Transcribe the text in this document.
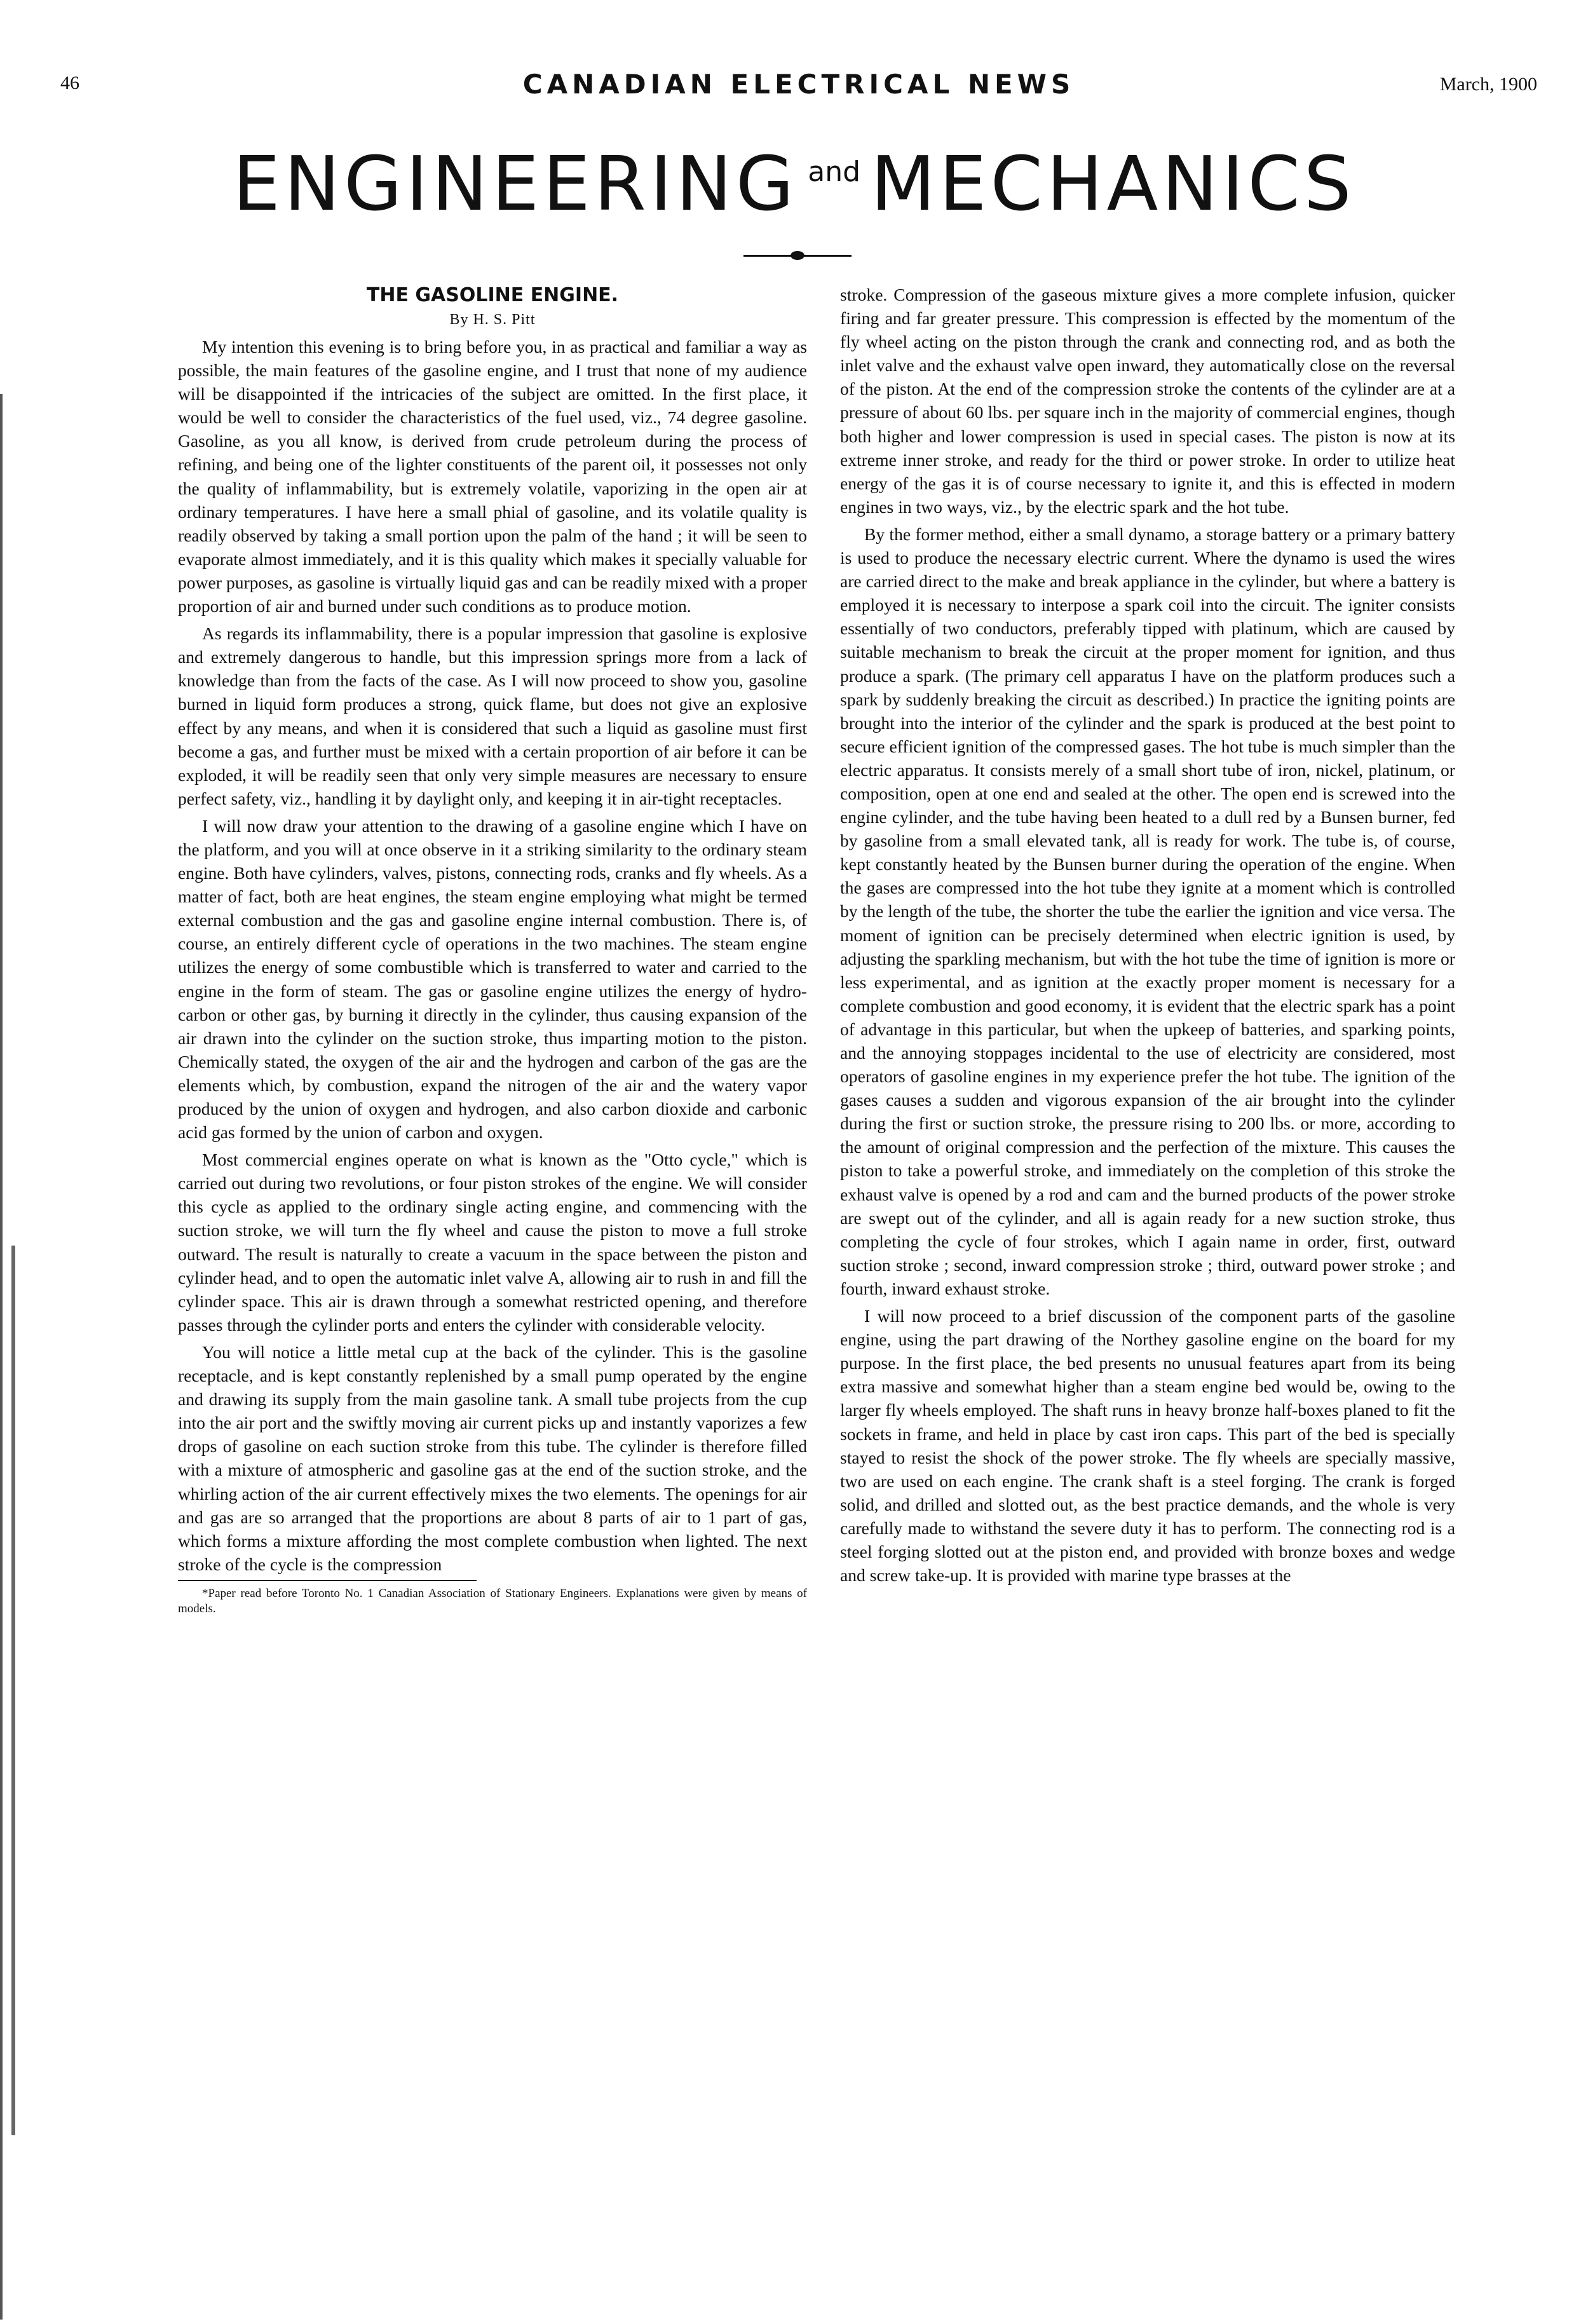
46	CANADIAN ELECTRICAL NEWS	March, 1900
ENGINEERING $^{and}$ MECHANICS
THE GASOLINE ENGINE.
By H. S. Pitt

My intention this evening is to bring before you, in as practical and familiar a way as possible, the main features of the gasoline engine, and I trust that none of my audience will be disappointed if the intricacies of the subject are omitted. In the first place, it would be well to consider the characteristics of the fuel used, viz., 74 degree gasoline. Gasoline, as you all know, is derived from crude petroleum during the process of refining, and being one of the lighter constituents of the parent oil, it possesses not only the quality of inflammability, but is extremely volatile, vaporizing in the open air at ordinary temperatures. I have here a small phial of gasoline, and its volatile quality is readily observed by taking a small portion upon the palm of the hand ; it will be seen to evaporate almost immediately, and it is this quality which makes it specially valuable for power purposes, as gasoline is virtually liquid gas and can be readily mixed with a proper proportion of air and burned under such conditions as to produce motion.

As regards its inflammability, there is a popular impression that gasoline is explosive and extremely dangerous to handle, but this impression springs more from a lack of knowledge than from the facts of the case. As I will now proceed to show you, gasoline burned in liquid form produces a strong, quick flame, but does not give an explosive effect by any means, and when it is considered that such a liquid as gasoline must first become a gas, and further must be mixed with a certain proportion of air before it can be exploded, it will be readily seen that only very simple measures are necessary to ensure perfect safety, viz., handling it by daylight only, and keeping it in air-tight receptacles.

I will now draw your attention to the drawing of a gasoline engine which I have on the platform, and you will at once observe in it a striking similarity to the ordinary steam engine. Both have cylinders, valves, pistons, connecting rods, cranks and fly wheels. As a matter of fact, both are heat engines, the steam engine employing what might be termed external combustion and the gas and gasoline engine internal combustion. There is, of course, an entirely different cycle of operations in the two machines. The steam engine utilizes the energy of some combustible which is transferred to water and carried to the engine in the form of steam. The gas or gasoline engine utilizes the energy of hydro-carbon or other gas, by burning it directly in the cylinder, thus causing expansion of the air drawn into the cylinder on the suction stroke, thus imparting motion to the piston. Chemically stated, the oxygen of the air and the hydrogen and carbon of the gas are the elements which, by combustion, expand the nitrogen of the air and the watery vapor produced by the union of oxygen and hydrogen, and also carbon dioxide and carbonic acid gas formed by the union of carbon and oxygen.

Most commercial engines operate on what is known as the "Otto cycle," which is carried out during two revolutions, or four piston strokes of the engine. We will consider this cycle as applied to the ordinary single acting engine, and commencing with the suction stroke, we will turn the fly wheel and cause the piston to move a full stroke outward. The result is naturally to create a vacuum in the space between the piston and cylinder head, and to open the automatic inlet valve A, allowing air to rush in and fill the cylinder space. This air is drawn through a somewhat restricted opening, and therefore passes through the cylinder ports and enters the cylinder with considerable velocity.

You will notice a little metal cup at the back of the cylinder. This is the gasoline receptacle, and is kept constantly replenished by a small pump operated by the engine and drawing its supply from the main gasoline tank. A small tube projects from the cup into the air port and the swiftly moving air current picks up and instantly vaporizes a few drops of gasoline on each suction stroke from this tube. The cylinder is therefore filled with a mixture of atmospheric and gasoline gas at the end of the suction stroke, and the whirling action of the air current effectively mixes the two elements. The openings for air and gas are so arranged that the proportions are about 8 parts of air to 1 part of gas, which forms a mixture affording the most complete combustion when lighted. The next stroke of the cycle is the compression

*Paper read before Toronto No. 1 Canadian Association of Stationary Engineers. Explanations were given by means of models.

stroke. Compression of the gaseous mixture gives a more complete infusion, quicker firing and far greater pressure. This compression is effected by the momentum of the fly wheel acting on the piston through the crank and connecting rod, and as both the inlet valve and the exhaust valve open inward, they automatically close on the reversal of the piston. At the end of the compression stroke the contents of the cylinder are at a pressure of about 60 lbs. per square inch in the majority of commercial engines, though both higher and lower compression is used in special cases. The piston is now at its extreme inner stroke, and ready for the third or power stroke. In order to utilize heat energy of the gas it is of course necessary to ignite it, and this is effected in modern engines in two ways, viz., by the electric spark and the hot tube.

By the former method, either a small dynamo, a storage battery or a primary battery is used to produce the necessary electric current. Where the dynamo is used the wires are carried direct to the make and break appliance in the cylinder, but where a battery is employed it is necessary to interpose a spark coil into the circuit. The igniter consists essentially of two conductors, preferably tipped with platinum, which are caused by suitable mechanism to break the circuit at the proper moment for ignition, and thus produce a spark. (The primary cell apparatus I have on the platform produces such a spark by suddenly breaking the circuit as described.) In practice the igniting points are brought into the interior of the cylinder and the spark is produced at the best point to secure efficient ignition of the compressed gases. The hot tube is much simpler than the electric apparatus. It consists merely of a small short tube of iron, nickel, platinum, or composition, open at one end and sealed at the other. The open end is screwed into the engine cylinder, and the tube having been heated to a dull red by a Bunsen burner, fed by gasoline from a small elevated tank, all is ready for work. The tube is, of course, kept constantly heated by the Bunsen burner during the operation of the engine. When the gases are compressed into the hot tube they ignite at a moment which is controlled by the length of the tube, the shorter the tube the earlier the ignition and vice versa. The moment of ignition can be precisely determined when electric ignition is used, by adjusting the sparkling mechanism, but with the hot tube the time of ignition is more or less experimental, and as ignition at the exactly proper moment is necessary for a complete combustion and good economy, it is evident that the electric spark has a point of advantage in this particular, but when the upkeep of batteries, and sparking points, and the annoying stoppages incidental to the use of electricity are considered, most operators of gasoline engines in my experience prefer the hot tube. The ignition of the gases causes a sudden and vigorous expansion of the air brought into the cylinder during the first or suction stroke, the pressure rising to 200 lbs. or more, according to the amount of original compression and the perfection of the mixture. This causes the piston to take a powerful stroke, and immediately on the completion of this stroke the exhaust valve is opened by a rod and cam and the burned products of the power stroke are swept out of the cylinder, and all is again ready for a new suction stroke, thus completing the cycle of four strokes, which I again name in order, first, outward suction stroke ; second, inward compression stroke ; third, outward power stroke ; and fourth, inward exhaust stroke.

I will now proceed to a brief discussion of the component parts of the gasoline engine, using the part drawing of the Northey gasoline engine on the board for my purpose. In the first place, the bed presents no unusual features apart from its being extra massive and somewhat higher than a steam engine bed would be, owing to the larger fly wheels employed. The shaft runs in heavy bronze half-boxes planed to fit the sockets in frame, and held in place by cast iron caps. This part of the bed is specially stayed to resist the shock of the power stroke. The fly wheels are specially massive, two are used on each engine. The crank shaft is a steel forging. The crank is forged solid, and drilled and slotted out, as the best practice demands, and the whole is very carefully made to withstand the severe duty it has to perform. The connecting rod is a steel forging slotted out at the piston end, and provided with bronze boxes and wedge and screw take-up. It is provided with marine type brasses at the
